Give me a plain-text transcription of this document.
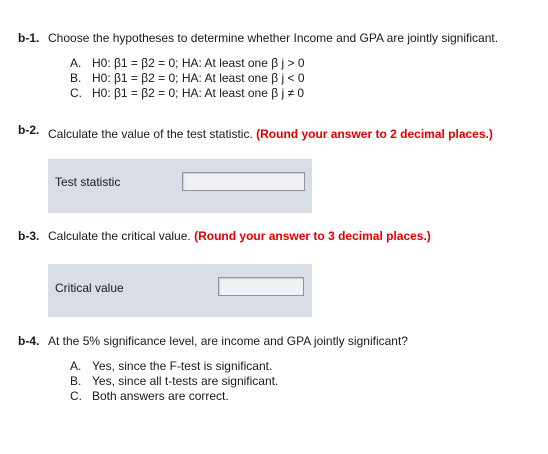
b-1. Choose the hypotheses to determine whether Income and GPA are jointly significant.
A. H0: β1 = β2 = 0; HA: At least one β j > 0
B. H0: β1 = β2 = 0; HA: At least one β j < 0
C. H0: β1 = β2 = 0; HA: At least one β j ≠ 0
b-2. Calculate the value of the test statistic. (Round your answer to 2 decimal places.)
Test statistic
b-3. Calculate the critical value. (Round your answer to 3 decimal places.)
Critical value
b-4. At the 5% significance level, are income and GPA jointly significant?
A. Yes, since the F-test is significant.
B. Yes, since all t-tests are significant.
C. Both answers are correct.
